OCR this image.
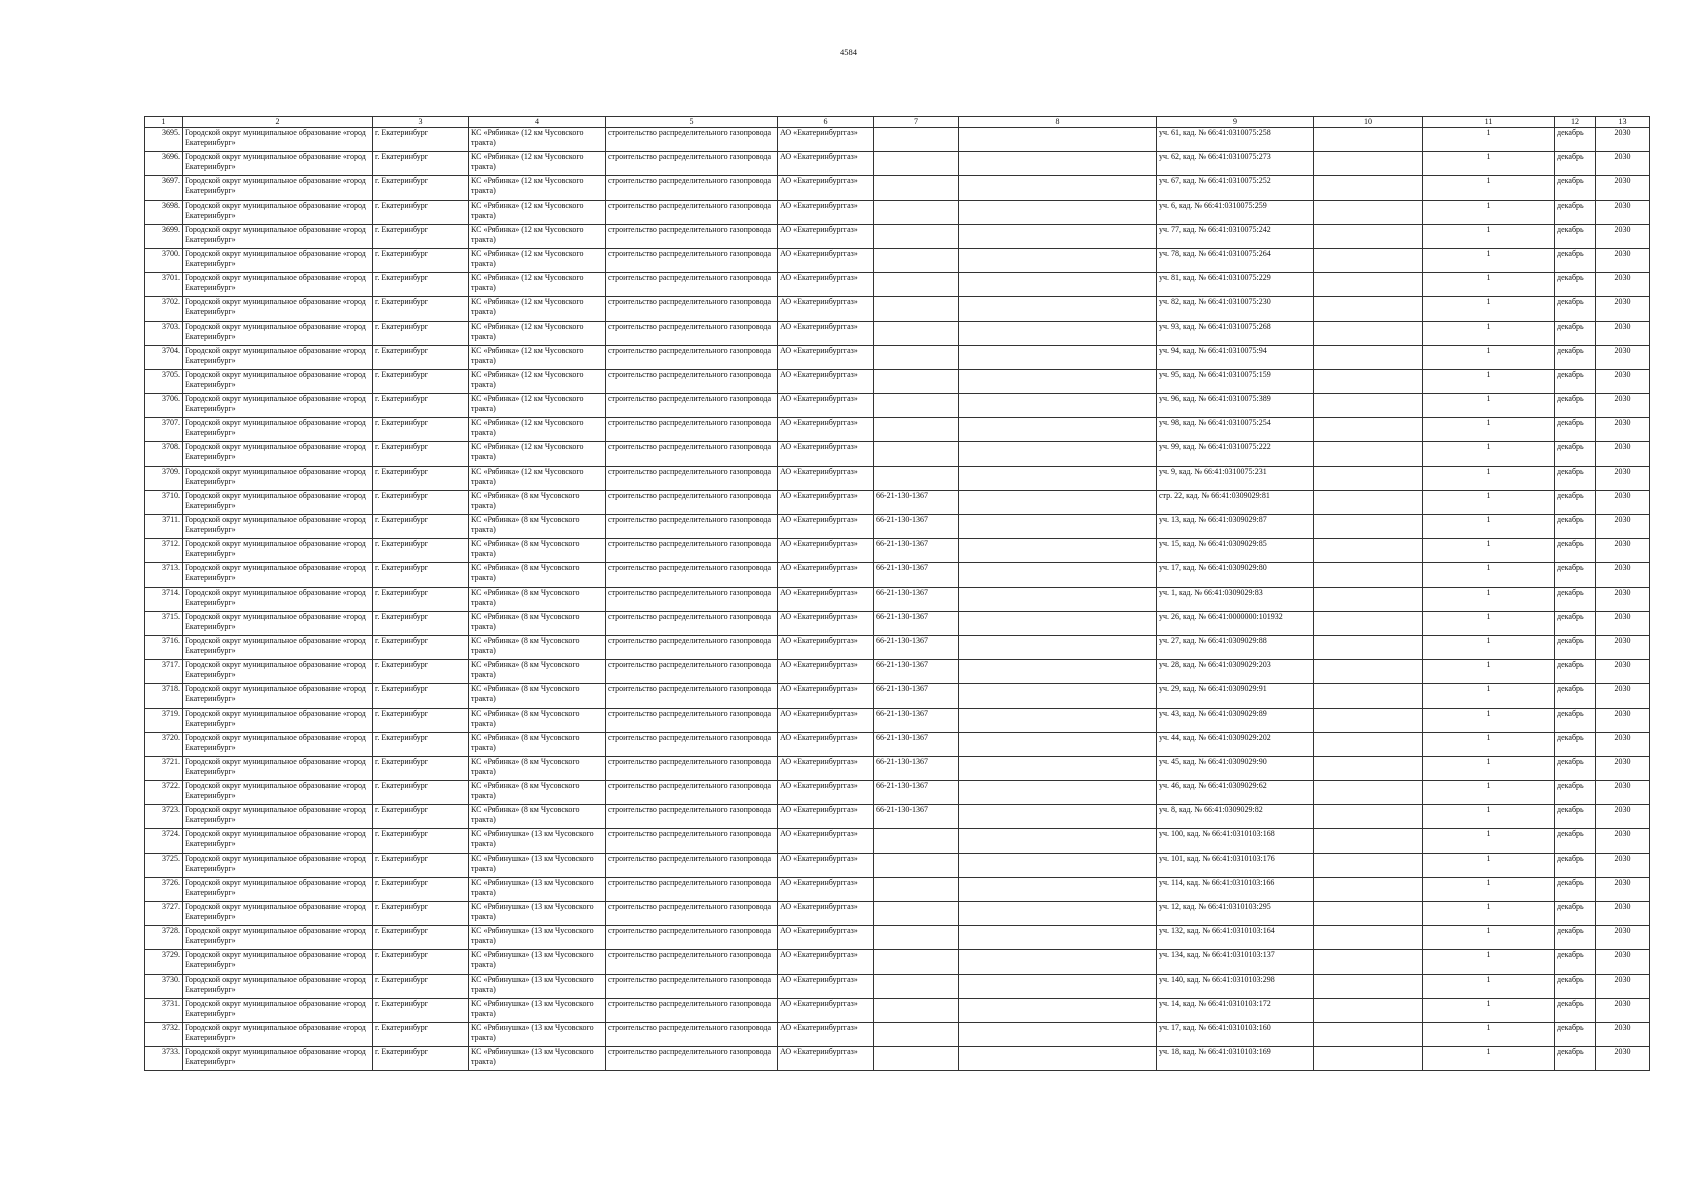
4584
1	2	3	4	5	6	7	8	9	10	11	12	13
3695.	Городской округ муниципальное образование «город Екатеринбург»	г. Екатеринбург	КС «Рябинка» (12 км Чусовского тракта)	строительство распределительного газопровода	АО «Екатеринбурггаз»			уч. 61, кад. № 66:41:0310075:258		1	декабрь	2030
3696.	Городской округ муниципальное образование «город Екатеринбург»	г. Екатеринбург	КС «Рябинка» (12 км Чусовского тракта)	строительство распределительного газопровода	АО «Екатеринбурггаз»			уч. 62, кад. № 66:41:0310075:273		1	декабрь	2030
3697.	Городской округ муниципальное образование «город Екатеринбург»	г. Екатеринбург	КС «Рябинка» (12 км Чусовского тракта)	строительство распределительного газопровода	АО «Екатеринбурггаз»			уч. 67, кад. № 66:41:0310075:252		1	декабрь	2030
3698.	Городской округ муниципальное образование «город Екатеринбург»	г. Екатеринбург	КС «Рябинка» (12 км Чусовского тракта)	строительство распределительного газопровода	АО «Екатеринбурггаз»			уч. 6, кад. № 66:41:0310075:259		1	декабрь	2030
3699.	Городской округ муниципальное образование «город Екатеринбург»	г. Екатеринбург	КС «Рябинка» (12 км Чусовского тракта)	строительство распределительного газопровода	АО «Екатеринбурггаз»			уч. 77, кад. № 66:41:0310075:242		1	декабрь	2030
3700.	Городской округ муниципальное образование «город Екатеринбург»	г. Екатеринбург	КС «Рябинка» (12 км Чусовского тракта)	строительство распределительного газопровода	АО «Екатеринбурггаз»			уч. 78, кад. № 66:41:0310075:264		1	декабрь	2030
3701.	Городской округ муниципальное образование «город Екатеринбург»	г. Екатеринбург	КС «Рябинка» (12 км Чусовского тракта)	строительство распределительного газопровода	АО «Екатеринбурггаз»			уч. 81, кад. № 66:41:0310075:229		1	декабрь	2030
3702.	Городской округ муниципальное образование «город Екатеринбург»	г. Екатеринбург	КС «Рябинка» (12 км Чусовского тракта)	строительство распределительного газопровода	АО «Екатеринбурггаз»			уч. 82, кад. № 66:41:0310075:230		1	декабрь	2030
3703.	Городской округ муниципальное образование «город Екатеринбург»	г. Екатеринбург	КС «Рябинка» (12 км Чусовского тракта)	строительство распределительного газопровода	АО «Екатеринбурггаз»			уч. 93, кад. № 66:41:0310075:268		1	декабрь	2030
3704.	Городской округ муниципальное образование «город Екатеринбург»	г. Екатеринбург	КС «Рябинка» (12 км Чусовского тракта)	строительство распределительного газопровода	АО «Екатеринбурггаз»			уч. 94, кад. № 66:41:0310075:94		1	декабрь	2030
3705.	Городской округ муниципальное образование «город Екатеринбург»	г. Екатеринбург	КС «Рябинка» (12 км Чусовского тракта)	строительство распределительного газопровода	АО «Екатеринбурггаз»			уч. 95, кад. № 66:41:0310075:159		1	декабрь	2030
3706.	Городской округ муниципальное образование «город Екатеринбург»	г. Екатеринбург	КС «Рябинка» (12 км Чусовского тракта)	строительство распределительного газопровода	АО «Екатеринбурггаз»			уч. 96, кад. № 66:41:0310075:389		1	декабрь	2030
3707.	Городской округ муниципальное образование «город Екатеринбург»	г. Екатеринбург	КС «Рябинка» (12 км Чусовского тракта)	строительство распределительного газопровода	АО «Екатеринбурггаз»			уч. 98, кад. № 66:41:0310075:254		1	декабрь	2030
3708.	Городской округ муниципальное образование «город Екатеринбург»	г. Екатеринбург	КС «Рябинка» (12 км Чусовского тракта)	строительство распределительного газопровода	АО «Екатеринбурггаз»			уч. 99, кад. № 66:41:0310075:222		1	декабрь	2030
3709.	Городской округ муниципальное образование «город Екатеринбург»	г. Екатеринбург	КС «Рябинка» (12 км Чусовского тракта)	строительство распределительного газопровода	АО «Екатеринбурггаз»			уч. 9, кад. № 66:41:0310075:231		1	декабрь	2030
3710.	Городской округ муниципальное образование «город Екатеринбург»	г. Екатеринбург	КС «Рябинка» (8 км Чусовского тракта)	строительство распределительного газопровода	АО «Екатеринбурггаз»	66-21-130-1367		стр. 22, кад. № 66:41:0309029:81		1	декабрь	2030
3711.	Городской округ муниципальное образование «город Екатеринбург»	г. Екатеринбург	КС «Рябинка» (8 км Чусовского тракта)	строительство распределительного газопровода	АО «Екатеринбурггаз»	66-21-130-1367		уч. 13, кад. № 66:41:0309029:87		1	декабрь	2030
3712.	Городской округ муниципальное образование «город Екатеринбург»	г. Екатеринбург	КС «Рябинка» (8 км Чусовского тракта)	строительство распределительного газопровода	АО «Екатеринбурггаз»	66-21-130-1367		уч. 15, кад. № 66:41:0309029:85		1	декабрь	2030
3713.	Городской округ муниципальное образование «город Екатеринбург»	г. Екатеринбург	КС «Рябинка» (8 км Чусовского тракта)	строительство распределительного газопровода	АО «Екатеринбурггаз»	66-21-130-1367		уч. 17, кад. № 66:41:0309029:80		1	декабрь	2030
3714.	Городской округ муниципальное образование «город Екатеринбург»	г. Екатеринбург	КС «Рябинка» (8 км Чусовского тракта)	строительство распределительного газопровода	АО «Екатеринбурггаз»	66-21-130-1367		уч. 1, кад. № 66:41:0309029:83		1	декабрь	2030
3715.	Городской округ муниципальное образование «город Екатеринбург»	г. Екатеринбург	КС «Рябинка» (8 км Чусовского тракта)	строительство распределительного газопровода	АО «Екатеринбурггаз»	66-21-130-1367		уч. 26, кад. № 66:41:0000000:101932		1	декабрь	2030
3716.	Городской округ муниципальное образование «город Екатеринбург»	г. Екатеринбург	КС «Рябинка» (8 км Чусовского тракта)	строительство распределительного газопровода	АО «Екатеринбурггаз»	66-21-130-1367		уч. 27, кад. № 66:41:0309029:88		1	декабрь	2030
3717.	Городской округ муниципальное образование «город Екатеринбург»	г. Екатеринбург	КС «Рябинка» (8 км Чусовского тракта)	строительство распределительного газопровода	АО «Екатеринбурггаз»	66-21-130-1367		уч. 28, кад. № 66:41:0309029:203		1	декабрь	2030
3718.	Городской округ муниципальное образование «город Екатеринбург»	г. Екатеринбург	КС «Рябинка» (8 км Чусовского тракта)	строительство распределительного газопровода	АО «Екатеринбурггаз»	66-21-130-1367		уч. 29, кад. № 66:41:0309029:91		1	декабрь	2030
3719.	Городской округ муниципальное образование «город Екатеринбург»	г. Екатеринбург	КС «Рябинка» (8 км Чусовского тракта)	строительство распределительного газопровода	АО «Екатеринбурггаз»	66-21-130-1367		уч. 43, кад. № 66:41:0309029:89		1	декабрь	2030
3720.	Городской округ муниципальное образование «город Екатеринбург»	г. Екатеринбург	КС «Рябинка» (8 км Чусовского тракта)	строительство распределительного газопровода	АО «Екатеринбурггаз»	66-21-130-1367		уч. 44, кад. № 66:41:0309029:202		1	декабрь	2030
3721.	Городской округ муниципальное образование «город Екатеринбург»	г. Екатеринбург	КС «Рябинка» (8 км Чусовского тракта)	строительство распределительного газопровода	АО «Екатеринбурггаз»	66-21-130-1367		уч. 45, кад. № 66:41:0309029:90		1	декабрь	2030
3722.	Городской округ муниципальное образование «город Екатеринбург»	г. Екатеринбург	КС «Рябинка» (8 км Чусовского тракта)	строительство распределительного газопровода	АО «Екатеринбурггаз»	66-21-130-1367		уч. 46, кад. № 66:41:0309029:62		1	декабрь	2030
3723.	Городской округ муниципальное образование «город Екатеринбург»	г. Екатеринбург	КС «Рябинка» (8 км Чусовского тракта)	строительство распределительного газопровода	АО «Екатеринбурггаз»	66-21-130-1367		уч. 8, кад. № 66:41:0309029:82		1	декабрь	2030
3724.	Городской округ муниципальное образование «город Екатеринбург»	г. Екатеринбург	КС «Рябинушка» (13 км Чусовского тракта)	строительство распределительного газопровода	АО «Екатеринбурггаз»			уч. 100, кад. № 66:41:0310103:168		1	декабрь	2030
3725.	Городской округ муниципальное образование «город Екатеринбург»	г. Екатеринбург	КС «Рябинушка» (13 км Чусовского тракта)	строительство распределительного газопровода	АО «Екатеринбурггаз»			уч. 101, кад. № 66:41:0310103:176		1	декабрь	2030
3726.	Городской округ муниципальное образование «город Екатеринбург»	г. Екатеринбург	КС «Рябинушка» (13 км Чусовского тракта)	строительство распределительного газопровода	АО «Екатеринбурггаз»			уч. 114, кад. № 66:41:0310103:166		1	декабрь	2030
3727.	Городской округ муниципальное образование «город Екатеринбург»	г. Екатеринбург	КС «Рябинушка» (13 км Чусовского тракта)	строительство распределительного газопровода	АО «Екатеринбурггаз»			уч. 12, кад. № 66:41:0310103:295		1	декабрь	2030
3728.	Городской округ муниципальное образование «город Екатеринбург»	г. Екатеринбург	КС «Рябинушка» (13 км Чусовского тракта)	строительство распределительного газопровода	АО «Екатеринбурггаз»			уч. 132, кад. № 66:41:0310103:164		1	декабрь	2030
3729.	Городской округ муниципальное образование «город Екатеринбург»	г. Екатеринбург	КС «Рябинушка» (13 км Чусовского тракта)	строительство распределительного газопровода	АО «Екатеринбурггаз»			уч. 134, кад. № 66:41:0310103:137		1	декабрь	2030
3730.	Городской округ муниципальное образование «город Екатеринбург»	г. Екатеринбург	КС «Рябинушка» (13 км Чусовского тракта)	строительство распределительного газопровода	АО «Екатеринбурггаз»			уч. 140, кад. № 66:41:0310103:298		1	декабрь	2030
3731.	Городской округ муниципальное образование «город Екатеринбург»	г. Екатеринбург	КС «Рябинушка» (13 км Чусовского тракта)	строительство распределительного газопровода	АО «Екатеринбурггаз»			уч. 14, кад. № 66:41:0310103:172		1	декабрь	2030
3732.	Городской округ муниципальное образование «город Екатеринбург»	г. Екатеринбург	КС «Рябинушка» (13 км Чусовского тракта)	строительство распределительного газопровода	АО «Екатеринбурггаз»			уч. 17, кад. № 66:41:0310103:160		1	декабрь	2030
3733.	Городской округ муниципальное образование «город Екатеринбург»	г. Екатеринбург	КС «Рябинушка» (13 км Чусовского тракта)	строительство распределительного газопровода	АО «Екатеринбурггаз»			уч. 18, кад. № 66:41:0310103:169		1	декабрь	2030
